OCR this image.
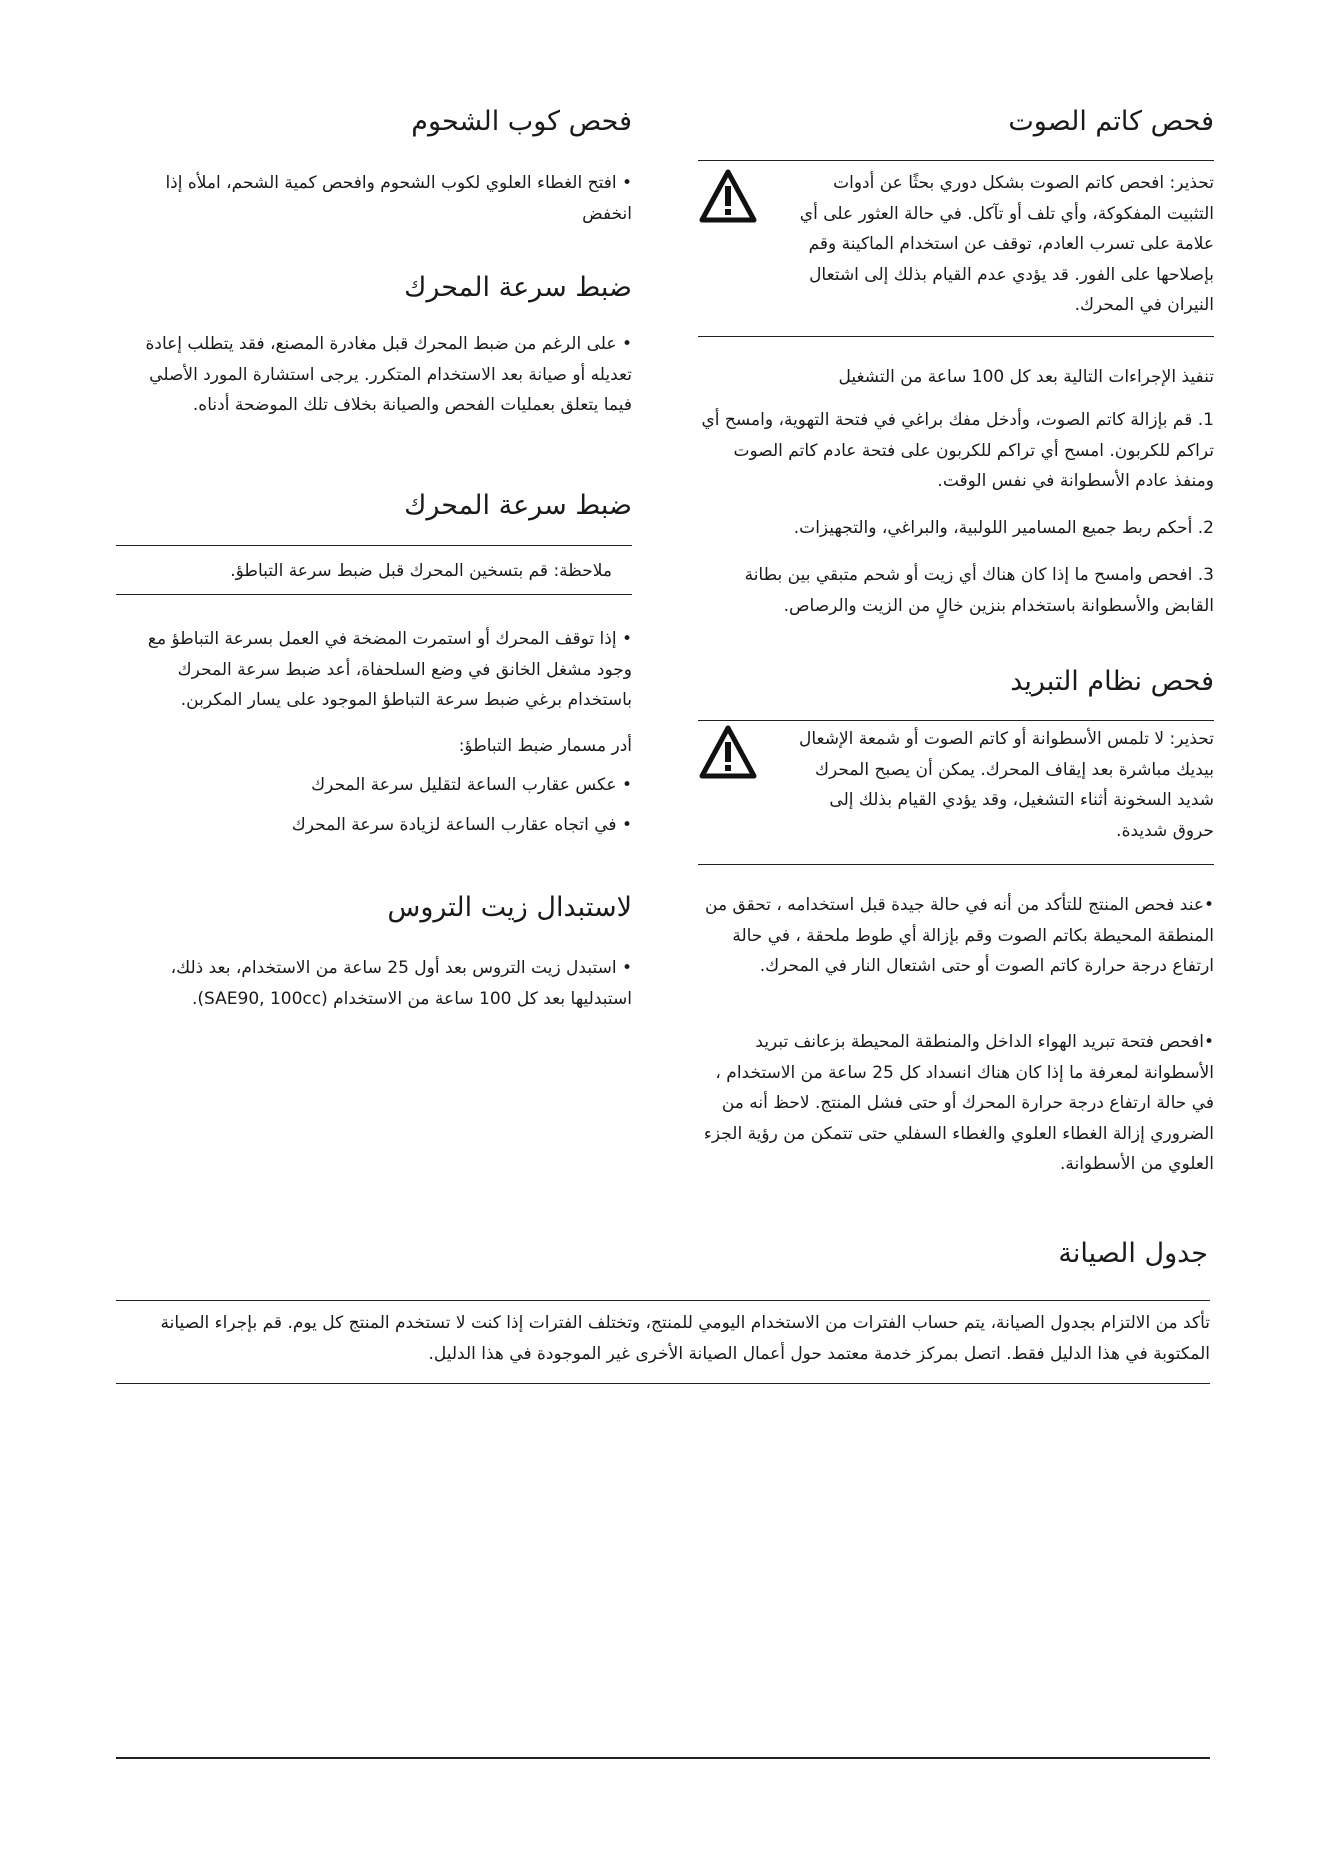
فحص كاتم الصوت
تحذير: افحص كاتم الصوت بشكل دوري بحثًا عن أدوات التثبيت المفكوكة، وأي تلف أو تآكل. في حالة العثور على أي علامة على تسرب العادم، توقف عن استخدام الماكينة وقم بإصلاحها على الفور. قد يؤدي عدم القيام بذلك إلى اشتعال النيران في المحرك.
تنفيذ الإجراءات التالية بعد كل 100 ساعة من التشغيل
1. قم بإزالة كاتم الصوت، وأدخل مفك براغي في فتحة التهوية، وامسح أي تراكم للكربون. امسح أي تراكم للكربون على فتحة عادم كاتم الصوت ومنفذ عادم الأسطوانة في نفس الوقت.
2. أحكم ربط جميع المسامير اللولبية، والبراغي، والتجهيزات.
3. افحص وامسح ما إذا كان هناك أي زيت أو شحم متبقي بين بطانة القابض والأسطوانة باستخدام بنزين خالٍ من الزيت والرصاص.
فحص نظام التبريد
تحذير: لا تلمس الأسطوانة أو كاتم الصوت أو شمعة الإشعال بيديك مباشرة بعد إيقاف المحرك. يمكن أن يصبح المحرك شديد السخونة أثناء التشغيل، وقد يؤدي القيام بذلك إلى حروق شديدة.
•عند فحص المنتج للتأكد من أنه في حالة جيدة قبل استخدامه ، تحقق من المنطقة المحيطة بكاتم الصوت وقم بإزالة أي طوط ملحقة ، في حالة ارتفاع درجة حرارة كاتم الصوت أو حتى اشتعال النار في المحرك.
•افحص فتحة تبريد الهواء الداخل والمنطقة المحيطة بزعانف تبريد الأسطوانة لمعرفة ما إذا كان هناك انسداد كل 25 ساعة من الاستخدام ، في حالة ارتفاع درجة حرارة المحرك أو حتى فشل المنتج. لاحظ أنه من الضروري إزالة الغطاء العلوي والغطاء السفلي حتى تتمكن من رؤية الجزء العلوي من الأسطوانة.
فحص كوب الشحوم
• افتح الغطاء العلوي لكوب الشحوم وافحص كمية الشحم، املأه إذا انخفض
ضبط سرعة المحرك
• على الرغم من ضبط المحرك قبل مغادرة المصنع، فقد يتطلب إعادة تعديله أو صيانة بعد الاستخدام المتكرر. يرجى استشارة المورد الأصلي فيما يتعلق بعمليات الفحص والصيانة بخلاف تلك الموضحة أدناه.
ضبط سرعة المحرك
ملاحظة: قم بتسخين المحرك قبل ضبط سرعة التباطؤ.
• إذا توقف المحرك أو استمرت المضخة في العمل بسرعة التباطؤ مع وجود مشغل الخانق في وضع السلحفاة، أعد ضبط سرعة المحرك باستخدام برغي ضبط سرعة التباطؤ الموجود على يسار المكربن.
أدر مسمار ضبط التباطؤ:
• عكس عقارب الساعة لتقليل سرعة المحرك
• في اتجاه عقارب الساعة لزيادة سرعة المحرك
لاستبدال زيت التروس
• استبدل زيت التروس بعد أول 25 ساعة من الاستخدام، بعد ذلك، استبدليها بعد كل 100 ساعة من الاستخدام (SAE90, 100cc).
جدول الصيانة
تأكد من الالتزام بجدول الصيانة، يتم حساب الفترات من الاستخدام اليومي للمنتج، وتختلف الفترات إذا كنت لا تستخدم المنتج كل يوم. قم بإجراء الصيانة المكتوبة في هذا الدليل فقط. اتصل بمركز خدمة معتمد حول أعمال الصيانة الأخرى غير الموجودة في هذا الدليل.
